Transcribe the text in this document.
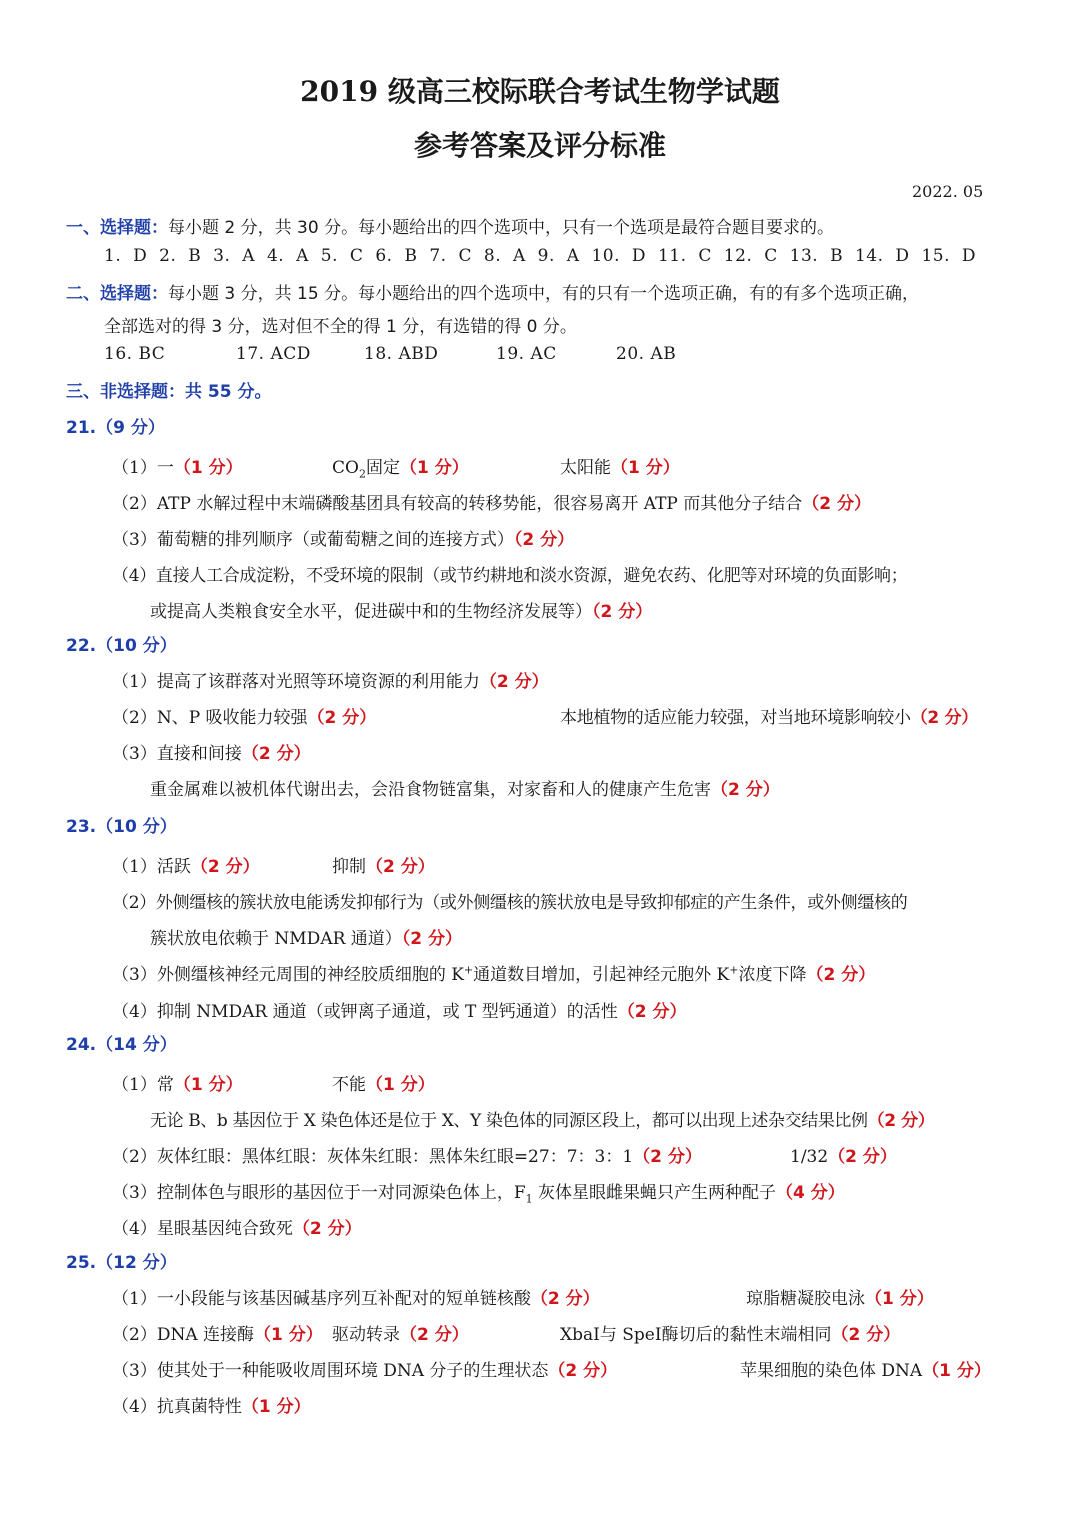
2019 级高三校际联合考试生物学试题
参考答案及评分标准
2022. 05
一、选择题：每小题 2 分，共 30 分。每小题给出的四个选项中，只有一个选项是最符合题目要求的。
1. D 2. B 3. A 4. A 5. C 6. B 7. C 8. A 9. A 10. D 11. C 12. C 13. B 14. D 15. D
二、选择题：每小题 3 分，共 15 分。每小题给出的四个选项中，有的只有一个选项正确，有的有多个选项正确，
全部选对的得 3 分，选对但不全的得 1 分，有选错的得 0 分。
16. BC	17. ACD	18. ABD	19. AC	20. AB
三、非选择题：共 55 分。
21.（9 分）
（1）一（1 分）	$CO_2$固定（1 分）	太阳能（1 分）
（2）ATP 水解过程中末端磷酸基团具有较高的转移势能，很容易离开 ATP 而其他分子结合（2 分）
（3）葡萄糖的排列顺序（或葡萄糖之间的连接方式）（2 分）
（4）直接人工合成淀粉，不受环境的限制（或节约耕地和淡水资源，避免农药、化肥等对环境的负面影响；
或提高人类粮食安全水平，促进碳中和的生物经济发展等）（2 分）
22.（10 分）
（1）提高了该群落对光照等环境资源的利用能力（2 分）
（2）N、P 吸收能力较强（2 分）	本地植物的适应能力较强，对当地环境影响较小（2 分）
（3）直接和间接（2 分）
重金属难以被机体代谢出去，会沿食物链富集，对家畜和人的健康产生危害（2 分）
23.（10 分）
（1）活跃（2 分）	抑制（2 分）
（2）外侧缰核的簇状放电能诱发抑郁行为（或外侧缰核的簇状放电是导致抑郁症的产生条件，或外侧缰核的
簇状放电依赖于 NMDAR 通道）（2 分）
（3）外侧缰核神经元周围的神经胶质细胞的 K+通道数目增加，引起神经元胞外 K+浓度下降（2 分）
（4）抑制 NMDAR 通道（或钾离子通道，或 T 型钙通道）的活性（2 分）
24.（14 分）
（1）常（1 分）	不能（1 分）
无论 B、b 基因位于 X 染色体还是位于 X、Y 染色体的同源区段上，都可以出现上述杂交结果比例（2 分）
（2）灰体红眼：黑体红眼：灰体朱红眼：黑体朱红眼=27：7：3：1（2 分）	1/32（2 分）
（3）控制体色与眼形的基因位于一对同源染色体上，$F_1$ 灰体星眼雌果蝇只产生两种配子（4 分）
（4）星眼基因纯合致死（2 分）
25.（12 分）
（1）一小段能与该基因碱基序列互补配对的短单链核酸（2 分）	琼脂糖凝胶电泳（1 分）
（2）DNA 连接酶（1 分） 驱动转录（2 分）	XbaⅠ与 SpeⅠ酶切后的黏性末端相同（2 分）
（3）使其处于一种能吸收周围环境 DNA 分子的生理状态（2 分）	苹果细胞的染色体 DNA（1 分）
（4）抗真菌特性（1 分）
